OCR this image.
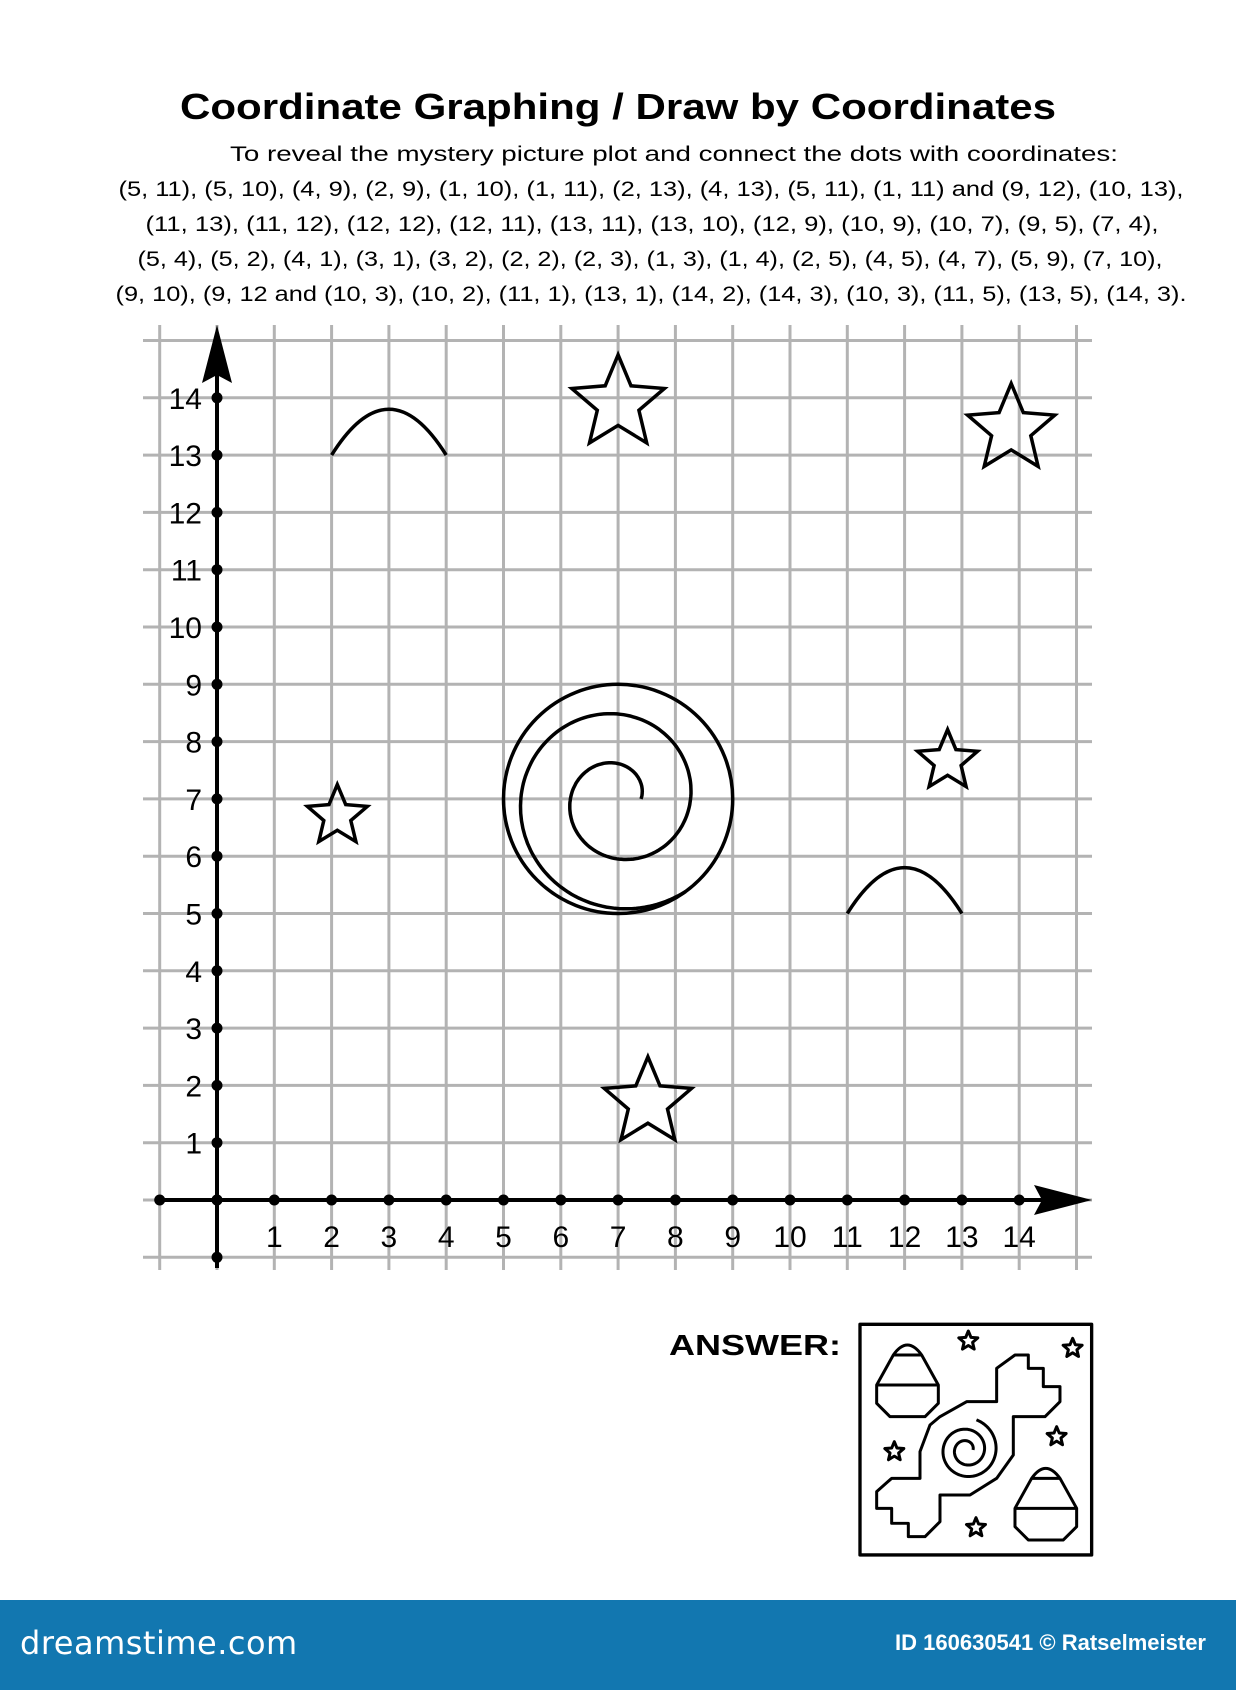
Coordinate Graphing / Draw by Coordinates
To reveal the mystery picture plot and connect the dots with coordinates:
(5, 11), (5, 10), (4, 9), (2, 9), (1, 10), (1, 11), (2, 13), (4, 13), (5, 11), (1, 11) and (9, 12), (10, 13),
(11, 13), (11, 12), (12, 12), (12, 11), (13, 11), (13, 10), (12, 9), (10, 9), (10, 7), (9, 5), (7, 4),
(5, 4), (5, 2), (4, 1), (3, 1), (3, 2), (2, 2), (2, 3), (1, 3), (1, 4), (2, 5), (4, 5), (4, 7), (5, 9), (7, 10),
(9, 10), (9, 12 and (10, 3), (10, 2), (11, 1), (13, 1), (14, 2), (14, 3), (10, 3), (11, 5), (13, 5), (14, 3).
1 2 3 4 5 6 7 8 9 10 11 12 13 14
1
2
3
4
5
6
7
8
9
10
11
12
13
14
ANSWER:
dreamstime.com	ID 160630541 © Ratselmeister
